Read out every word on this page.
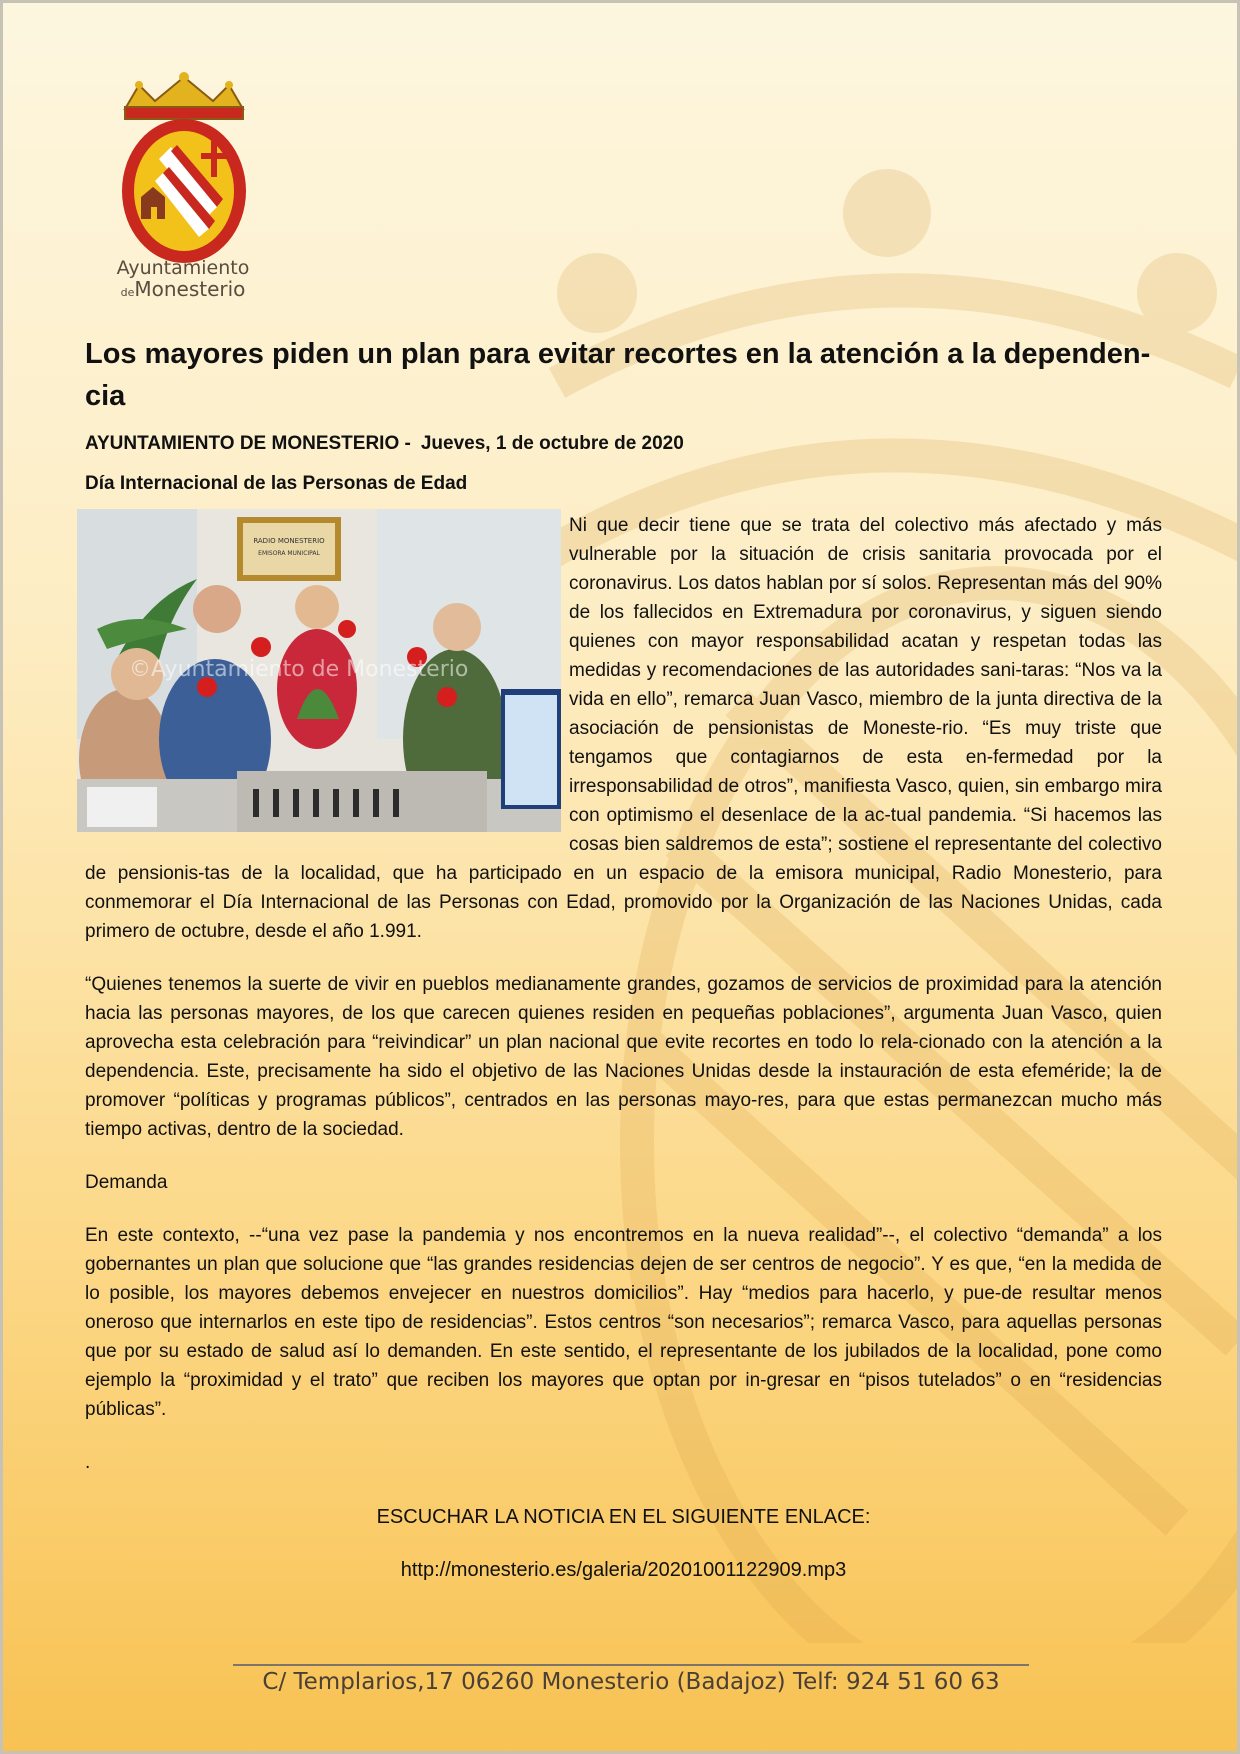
Ayuntamiento
deMonesterio
Los mayores piden un plan para evitar recortes en la atención a la dependen-cia
AYUNTAMIENTO DE MONESTERIO - Jueves, 1 de octubre de 2020
Día Internacional de las Personas de Edad
RADIO MONESTERIO
EMISORA MUNICIPAL
©Ayuntamiento de Monesterio

Ni que decir tiene que se trata del colectivo más afectado y más vulnerable por la situación de crisis sanitaria provocada por el coronavirus. Los datos hablan por sí solos. Representan más del 90% de los fallecidos en Extremadura por coronavirus, y siguen siendo quienes con mayor responsabilidad acatan y respetan todas las medidas y recomendaciones de las autoridades sani-taras: “Nos va la vida en ello”, remarca Juan Vasco, miembro de la junta directiva de la asociación de pensionistas de Moneste-rio. “Es muy triste que tengamos que contagiarnos de esta en-fermedad por la irresponsabilidad de otros”, manifiesta Vasco, quien, sin embargo mira con optimismo el desenlace de la ac-tual pandemia. “Si hacemos las cosas bien saldremos de esta”; sostiene el representante del colectivo de pensionis-tas de la localidad, que ha participado en un espacio de la emisora municipal, Radio Monesterio, para conmemorar el Día Internacional de las Personas con Edad, promovido por la Organización de las Naciones Unidas, cada primero de octubre, desde el año 1.991.

“Quienes tenemos la suerte de vivir en pueblos medianamente grandes, gozamos de servicios de proximidad para la atención hacia las personas mayores, de los que carecen quienes residen en pequeñas poblaciones”, argumenta Juan Vasco, quien aprovecha esta celebración para “reivindicar” un plan nacional que evite recortes en todo lo rela-cionado con la atención a la dependencia. Este, precisamente ha sido el objetivo de las Naciones Unidas desde la instauración de esta efeméride; la de promover “políticas y programas públicos”, centrados en las personas mayo-res, para que estas permanezcan mucho más tiempo activas, dentro de la sociedad.

Demanda

En este contexto, --“una vez pase la pandemia y nos encontremos en la nueva realidad”--, el colectivo “demanda” a los gobernantes un plan que solucione que “las grandes residencias dejen de ser centros de negocio”. Y es que, “en la medida de lo posible, los mayores debemos envejecer en nuestros domicilios”. Hay “medios para hacerlo, y pue-de resultar menos oneroso que internarlos en este tipo de residencias”. Estos centros “son necesarios”; remarca Vasco, para aquellas personas que por su estado de salud así lo demanden. En este sentido, el representante de los jubilados de la localidad, pone como ejemplo la “proximidad y el trato” que reciben los mayores que optan por in-gresar en “pisos tutelados” o en “residencias públicas”.

.
ESCUCHAR LA NOTICIA EN EL SIGUIENTE ENLACE:
http://monesterio.es/galeria/20201001122909.mp3
C/ Templarios,17 06260 Monesterio (Badajoz) Telf: 924 51 60 63
